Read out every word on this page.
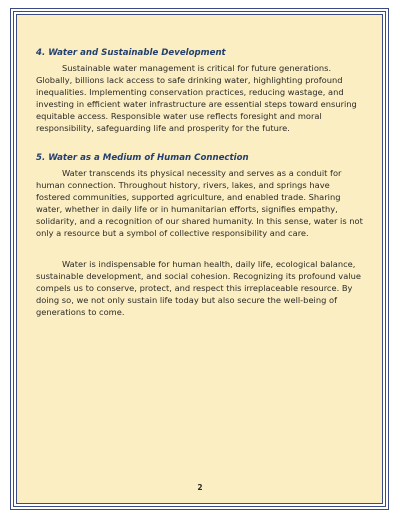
4. Water and Sustainable Development

Sustainable water management is critical for future generations. Globally, billions lack access to safe drinking water, highlighting profound inequalities. Implementing conservation practices, reducing wastage, and investing in efficient water infrastructure are essential steps toward ensuring equitable access. Responsible water use reflects foresight and moral responsibility, safeguarding life and prosperity for the future.

5. Water as a Medium of Human Connection

Water transcends its physical necessity and serves as a conduit for human connection. Throughout history, rivers, lakes, and springs have fostered communities, supported agriculture, and enabled trade. Sharing water, whether in daily life or in humanitarian efforts, signifies empathy, solidarity, and a recognition of our shared humanity. In this sense, water is not only a resource but a symbol of collective responsibility and care.

Water is indispensable for human health, daily life, ecological balance, sustainable development, and social cohesion. Recognizing its profound value compels us to conserve, protect, and respect this irreplaceable resource. By doing so, we not only sustain life today but also secure the well-being of generations to come.

2
